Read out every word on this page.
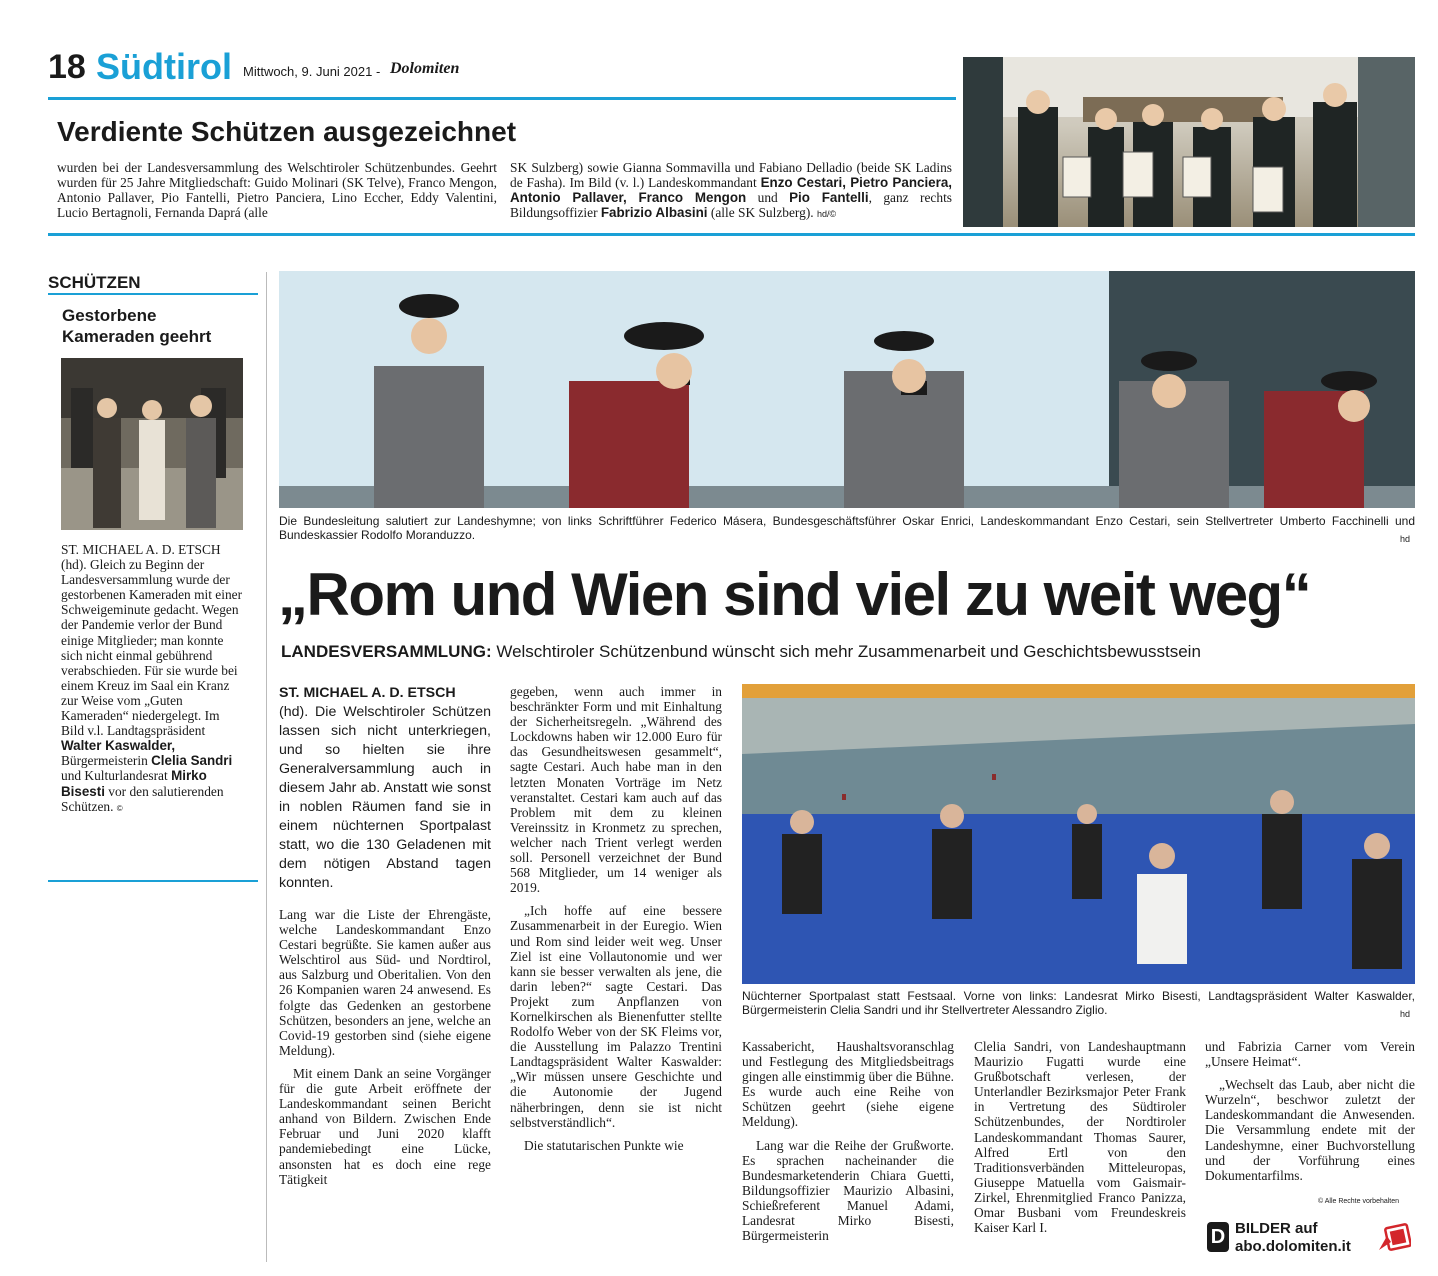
18 Südtirol Mittwoch, 9. Juni 2021 - Dolomiten
Verdiente Schützen ausgezeichnet

wurden bei der Landesversammlung des Welschtiroler Schützenbundes. Geehrt wurden für 25 Jahre Mitgliedschaft: Guido Molinari (SK Telve), Franco Mengon, Antonio Pallaver, Pio Fantelli, Pietro Panciera, Lino Eccher, Eddy Valentini, Lucio Bertagnoli, Fernanda Daprá (alle

SK Sulzberg) sowie Gianna Sommavilla und Fabiano Delladio (beide SK Ladins de Fasha). Im Bild (v. l.) Landeskommandant Enzo Cestari, Pietro Panciera, Antonio Pallaver, Franco Mengon und Pio Fantelli, ganz rechts Bildungsoffizier Fabrizio Albasini (alle SK Sulzberg). hd/©

SCHÜTZEN
Gestorbene
Kameraden geehrt

ST. MICHAEL A. D. ETSCH (hd). Gleich zu Beginn der Landesversammlung wurde der gestorbenen Kameraden mit einer Schweigeminute gedacht. Wegen der Pandemie verlor der Bund einige Mitglieder; man konnte sich nicht einmal gebührend verabschieden. Für sie wurde bei einem Kreuz im Saal ein Kranz zur Weise vom „Guten Kameraden“ niedergelegt. Im Bild v.l. Landtagspräsident Walter Kaswalder, Bürgermeisterin Clelia Sandri und Kulturlandesrat Mirko Bisesti vor den salutierenden Schützen. ©

Die Bundesleitung salutiert zur Landeshymne; von links Schriftführer Federico Másera, Bundesgeschäftsführer Oskar Enrici, Landeskommandant Enzo Cestari, sein Stellvertreter Umberto Facchinelli und Bundeskassier Rodolfo Moranduzzo.	hd
„Rom und Wien sind viel zu weit weg“
LANDESVERSAMMLUNG: Welschtiroler Schützenbund wünscht sich mehr Zusammenarbeit und Geschichtsbewusstsein

ST. MICHAEL A. D. ETSCH
(hd). Die Welschtiroler Schützen lassen sich nicht unterkriegen, und so hielten sie ihre Generalversammlung auch in diesem Jahr ab. Anstatt wie sonst in noblen Räumen fand sie in einem nüchternen Sportpalast statt, wo die 130 Geladenen mit dem nötigen Abstand tagen konnten.

Lang war die Liste der Ehrengäste, welche Landeskommandant Enzo Cestari begrüßte. Sie kamen außer aus Welschtirol aus Süd- und Nordtirol, aus Salzburg und Oberitalien. Von den 26 Kompanien waren 24 anwesend. Es folgte das Gedenken an gestorbene Schützen, besonders an jene, welche an Covid-19 gestorben sind (siehe eigene Meldung).

Mit einem Dank an seine Vorgänger für die gute Arbeit eröffnete der Landeskommandant seinen Bericht anhand von Bildern. Zwischen Ende Februar und Juni 2020 klafft pandemiebedingt eine Lücke, ansonsten hat es doch eine rege Tätigkeit

gegeben, wenn auch immer in beschränkter Form und mit Einhaltung der Sicherheitsregeln. „Während des Lockdowns haben wir 12.000 Euro für das Gesundheitswesen gesammelt“, sagte Cestari. Auch habe man in den letzten Monaten Vorträge im Netz veranstaltet. Cestari kam auch auf das Problem mit dem zu kleinen Vereinssitz in Kronmetz zu sprechen, welcher nach Trient verlegt werden soll. Personell verzeichnet der Bund 568 Mitglieder, um 14 weniger als 2019.

„Ich hoffe auf eine bessere Zusammenarbeit in der Euregio. Wien und Rom sind leider weit weg. Unser Ziel ist eine Vollautonomie und wer kann sie besser verwalten als jene, die darin leben?“ sagte Cestari. Das Projekt zum Anpflanzen von Kornelkirschen als Bienenfutter stellte Rodolfo Weber von der SK Fleims vor, die Ausstellung im Palazzo Trentini Landtagspräsident Walter Kaswalder: „Wir müssen unsere Geschichte und die Autonomie der Jugend näherbringen, denn sie ist nicht selbstverständlich“.

Die statutarischen Punkte wie

Nüchterner Sportpalast statt Festsaal. Vorne von links: Landesrat Mirko Bisesti, Landtagspräsident Walter Kaswalder, Bürgermeisterin Clelia Sandri und ihr Stellvertreter Alessandro Ziglio.	hd

Kassabericht, Haushaltsvoranschlag und Festlegung des Mitgliedsbeitrags gingen alle einstimmig über die Bühne. Es wurde auch eine Reihe von Schützen geehrt (siehe eigene Meldung).

Lang war die Reihe der Grußworte. Es sprachen nacheinander die Bundesmarketenderin Chiara Guetti, Bildungsoffizier Maurizio Albasini, Schießreferent Manuel Adami, Landesrat Mirko Bisesti, Bürgermeisterin

Clelia Sandri, von Landeshauptmann Maurizio Fugatti wurde eine Grußbotschaft verlesen, der Unterlandler Bezirksmajor Peter Frank in Vertretung des Südtiroler Schützenbundes, der Nordtiroler Landeskommandant Thomas Saurer, Alfred Ertl von den Traditionsverbänden Mitteleuropas, Giuseppe Matuella vom Gaismair-Zirkel, Ehrenmitglied Franco Panizza, Omar Busbani vom Freundeskreis Kaiser Karl I.

und Fabrizia Carner vom Verein „Unsere Heimat“.

„Wechselt das Laub, aber nicht die Wurzeln“, beschwor zuletzt der Landeskommandant die Anwesenden. Die Versammlung endete mit der Landeshymne, einer Buchvorstellung und der Vorführung eines Dokumentarfilms.

© Alle Rechte vorbehalten
D BILDER auf
abo.dolomiten.it
